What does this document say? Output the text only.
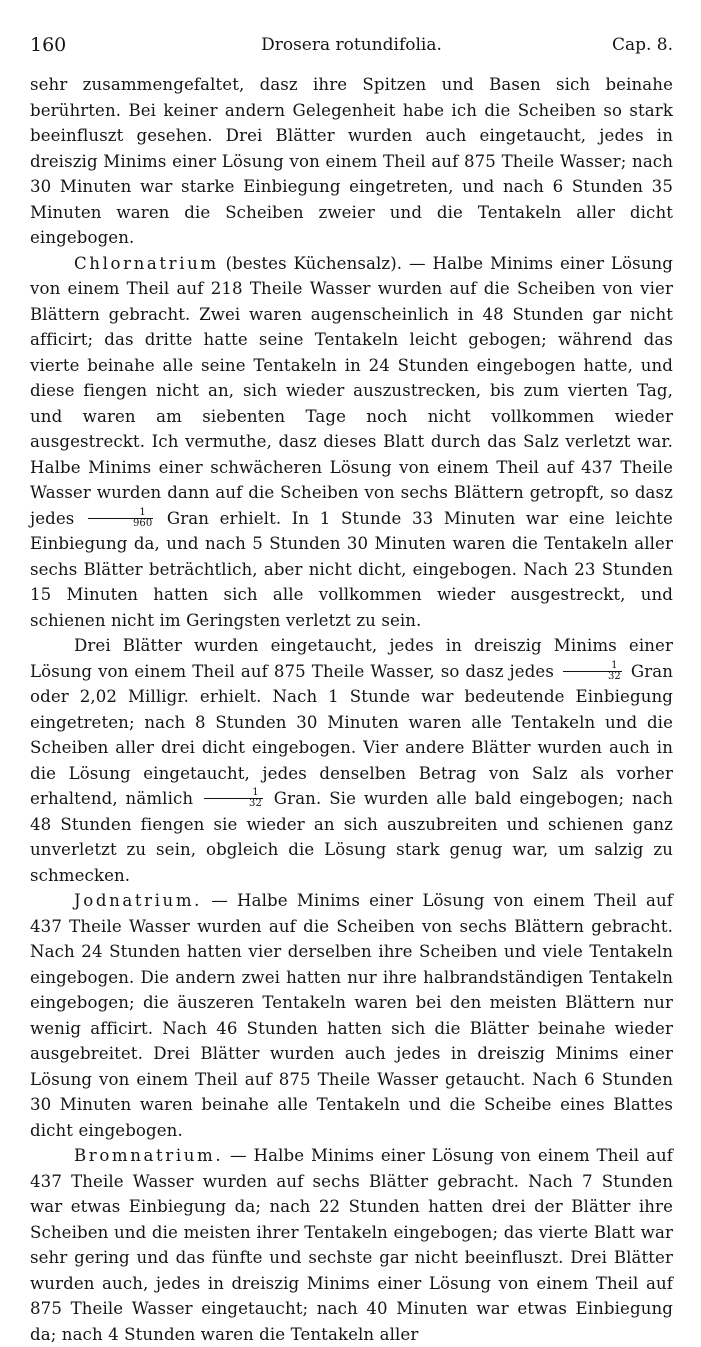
160	Drosera rotundifolia.	Cap. 8.

sehr zusammengefaltet, dasz ihre Spitzen und Basen sich beinahe berührten. Bei keiner andern Gelegenheit habe ich die Scheiben so stark beeinfluszt gesehen. Drei Blätter wurden auch eingetaucht, jedes in dreiszig Minims einer Lösung von einem Theil auf 875 Theile Wasser; nach 30 Minuten war starke Einbiegung eingetreten, und nach 6 Stunden 35 Minuten waren die Scheiben zweier und die Tentakeln aller dicht eingebogen.

Chlornatrium (bestes Küchensalz). — Halbe Minims einer Lösung von einem Theil auf 218 Theile Wasser wurden auf die Scheiben von vier Blättern gebracht. Zwei waren augenscheinlich in 48 Stunden gar nicht afficirt; das dritte hatte seine Tentakeln leicht gebogen; während das vierte beinahe alle seine Tentakeln in 24 Stunden eingebogen hatte, und diese fiengen nicht an, sich wieder auszustrecken, bis zum vierten Tag, und waren am siebenten Tage noch nicht vollkommen wieder ausgestreckt. Ich vermuthe, dasz dieses Blatt durch das Salz verletzt war. Halbe Minims einer schwächeren Lösung von einem Theil auf 437 Theile Wasser wurden dann auf die Scheiben von sechs Blättern getropft, so dasz jedes $\frac{1}{960}$ Gran erhielt. In 1 Stunde 33 Minuten war eine leichte Einbiegung da, und nach 5 Stunden 30 Minuten waren die Tentakeln aller sechs Blätter beträchtlich, aber nicht dicht, eingebogen. Nach 23 Stunden 15 Minuten hatten sich alle vollkommen wieder ausgestreckt, und schienen nicht im Geringsten verletzt zu sein.

Drei Blätter wurden eingetaucht, jedes in dreiszig Minims einer Lösung von einem Theil auf 875 Theile Wasser, so dasz jedes $\frac{1}{32}$ Gran oder 2,02 Milligr. erhielt. Nach 1 Stunde war bedeutende Einbiegung eingetreten; nach 8 Stunden 30 Minuten waren alle Tentakeln und die Scheiben aller drei dicht eingebogen. Vier andere Blätter wurden auch in die Lösung eingetaucht, jedes denselben Betrag von Salz als vorher erhaltend, nämlich $\frac{1}{32}$ Gran. Sie wurden alle bald eingebogen; nach 48 Stunden fiengen sie wieder an sich auszubreiten und schienen ganz unverletzt zu sein, obgleich die Lösung stark genug war, um salzig zu schmecken.

Jodnatrium. — Halbe Minims einer Lösung von einem Theil auf 437 Theile Wasser wurden auf die Scheiben von sechs Blättern gebracht. Nach 24 Stunden hatten vier derselben ihre Scheiben und viele Tentakeln eingebogen. Die andern zwei hatten nur ihre halbrandständigen Tentakeln eingebogen; die äuszeren Tentakeln waren bei den meisten Blättern nur wenig afficirt. Nach 46 Stunden hatten sich die Blätter beinahe wieder ausgebreitet. Drei Blätter wurden auch jedes in dreiszig Minims einer Lösung von einem Theil auf 875 Theile Wasser getaucht. Nach 6 Stunden 30 Minuten waren beinahe alle Tentakeln und die Scheibe eines Blattes dicht eingebogen.

Bromnatrium. — Halbe Minims einer Lösung von einem Theil auf 437 Theile Wasser wurden auf sechs Blätter gebracht. Nach 7 Stunden war etwas Einbiegung da; nach 22 Stunden hatten drei der Blätter ihre Scheiben und die meisten ihrer Tentakeln eingebogen; das vierte Blatt war sehr gering und das fünfte und sechste gar nicht beeinfluszt. Drei Blätter wurden auch, jedes in dreiszig Minims einer Lösung von einem Theil auf 875 Theile Wasser eingetaucht; nach 40 Minuten war etwas Einbiegung da; nach 4 Stunden waren die Tentakeln aller
